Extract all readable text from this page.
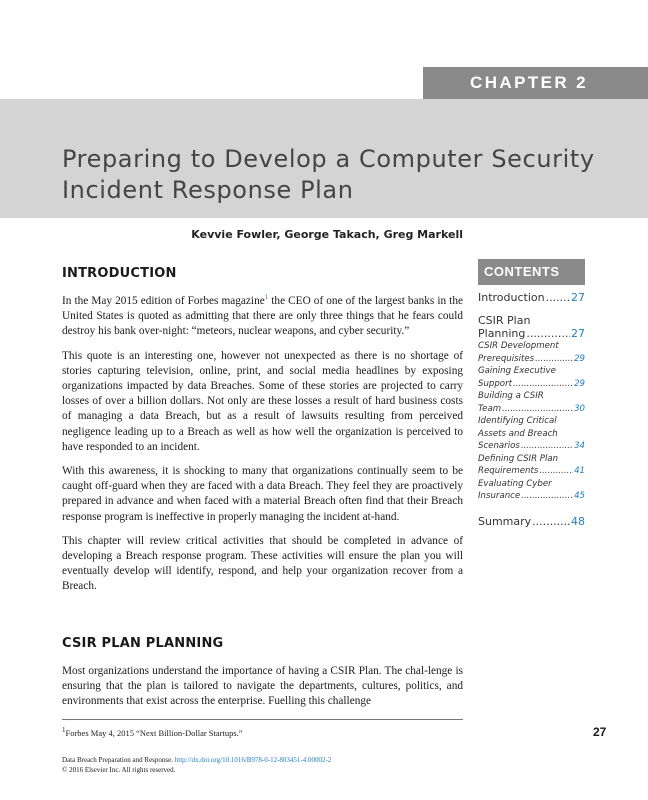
CHAPTER 2
Preparing to Develop a Computer Security Incident Response Plan
Kevvie Fowler, George Takach, Greg Markell
INTRODUCTION

In the May 2015 edition of Forbes magazine$^1$ the CEO of one of the largest banks in the United States is quoted as admitting that there are only three things that he fears could destroy his bank over-night: “meteors, nuclear weapons, and cyber security.”

This quote is an interesting one, however not unexpected as there is no shortage of stories capturing television, online, print, and social media headlines by exposing organizations impacted by data Breaches. Some of these stories are projected to carry losses of over a billion dollars. Not only are these losses a result of hard business costs of managing a data Breach, but as a result of lawsuits resulting from perceived negligence leading up to a Breach as well as how well the organization is perceived to have responded to an incident.

With this awareness, it is shocking to many that organizations continually seem to be caught off-guard when they are faced with a data Breach. They feel they are proactively prepared in advance and when faced with a material Breach often find that their Breach response program is ineffective in properly managing the incident at-hand.

This chapter will review critical activities that should be completed in advance of developing a Breach response program. These activities will ensure the plan you will eventually develop will identify, respond, and help your organization recover from a Breach.

CSIR PLAN PLANNING

Most organizations understand the importance of having a CSIR Plan. The chal-lenge is ensuring that the plan is tailored to navigate the departments, cultures, politics, and environments that exist across the enterprise. Fuelling this challenge

CONTENTS
Introduction ..... 27
CSIR Plan
Planning .....	27
CSIR Development
Prerequisites .....	29
Gaining Executive
Support .....	29
Building a CSIR
Team .....	30
Identifying Critical
Assets and Breach
Scenarios .....	34
Defining CSIR Plan
Requirements .....	41
Evaluating Cyber
Insurance .....	45
Summary .....	48
$^1$Forbes May 4, 2015 “Next Billion-Dollar Startups.”	27
Data Breach Preparation and Response. http://dx.doi.org/10.1016/B978-0-12-803451-4.00002-2
© 2016 Elsevier Inc. All rights reserved.
